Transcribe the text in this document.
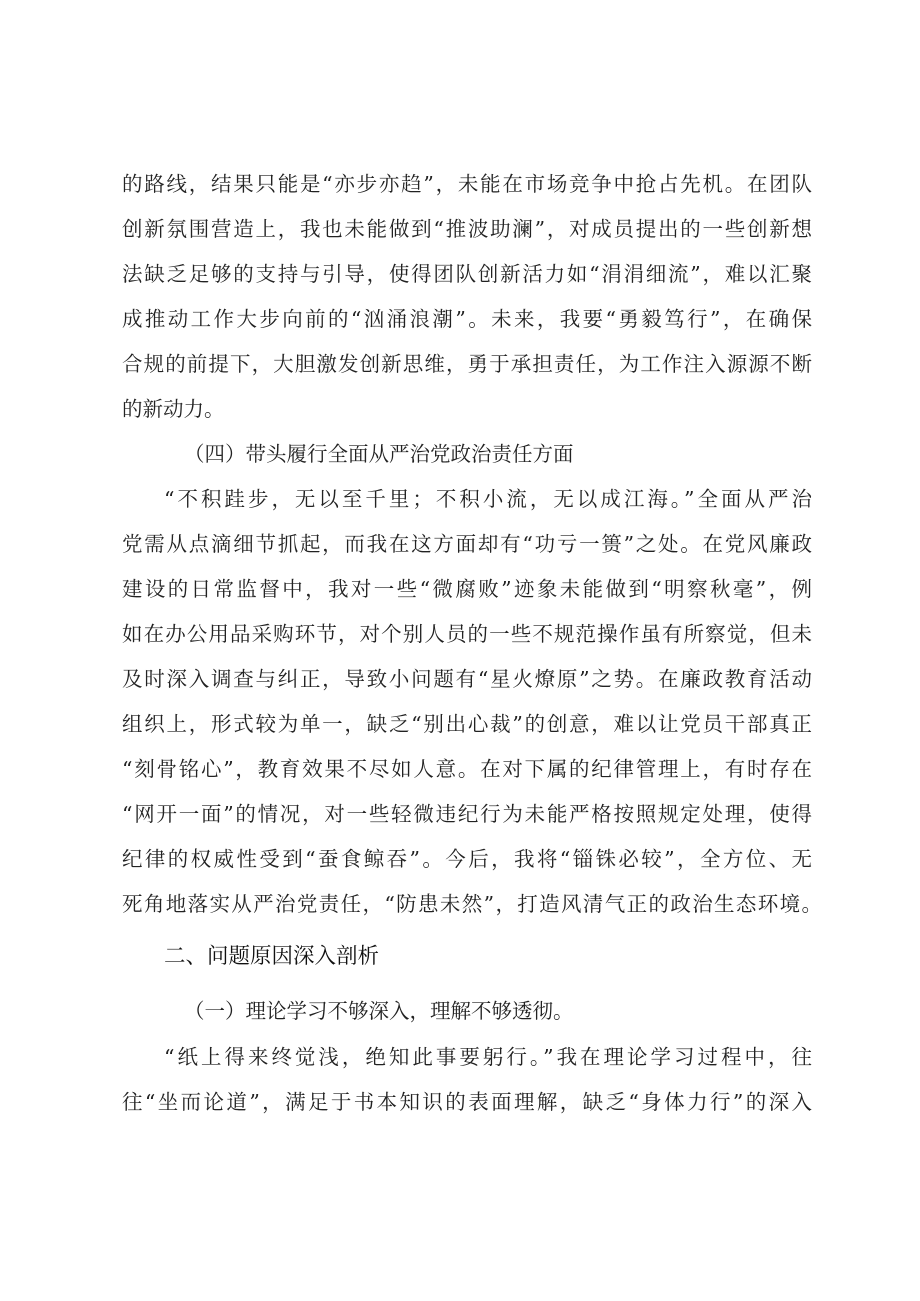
的路线，结果只能是“亦步亦趋”，未能在市场竞争中抢占先机。在团队
创新氛围营造上，我也未能做到“推波助澜”，对成员提出的一些创新想
法缺乏足够的支持与引导，使得团队创新活力如“涓涓细流”，难以汇聚
成推动工作大步向前的“汹涌浪潮”。未来，我要“勇毅笃行”，在确保
合规的前提下，大胆激发创新思维，勇于承担责任，为工作注入源源不断
的新动力。
（四）带头履行全面从严治党政治责任方面
“不积跬步，无以至千里；不积小流，无以成江海。”全面从严治
党需从点滴细节抓起，而我在这方面却有“功亏一篑”之处。在党风廉政
建设的日常监督中，我对一些“微腐败”迹象未能做到“明察秋毫”，例
如在办公用品采购环节，对个别人员的一些不规范操作虽有所察觉，但未
及时深入调查与纠正，导致小问题有“星火燎原”之势。在廉政教育活动
组织上，形式较为单一，缺乏“别出心裁”的创意，难以让党员干部真正
“刻骨铭心”，教育效果不尽如人意。在对下属的纪律管理上，有时存在
“网开一面”的情况，对一些轻微违纪行为未能严格按照规定处理，使得
纪律的权威性受到“蚕食鲸吞”。今后，我将“锱铢必较”，全方位、无
死角地落实从严治党责任，“防患未然”，打造风清气正的政治生态环境。
二、问题原因深入剖析
（一）理论学习不够深入，理解不够透彻。
“纸上得来终觉浅，绝知此事要躬行。”我在理论学习过程中，往
往“坐而论道”，满足于书本知识的表面理解，缺乏“身体力行”的深入
